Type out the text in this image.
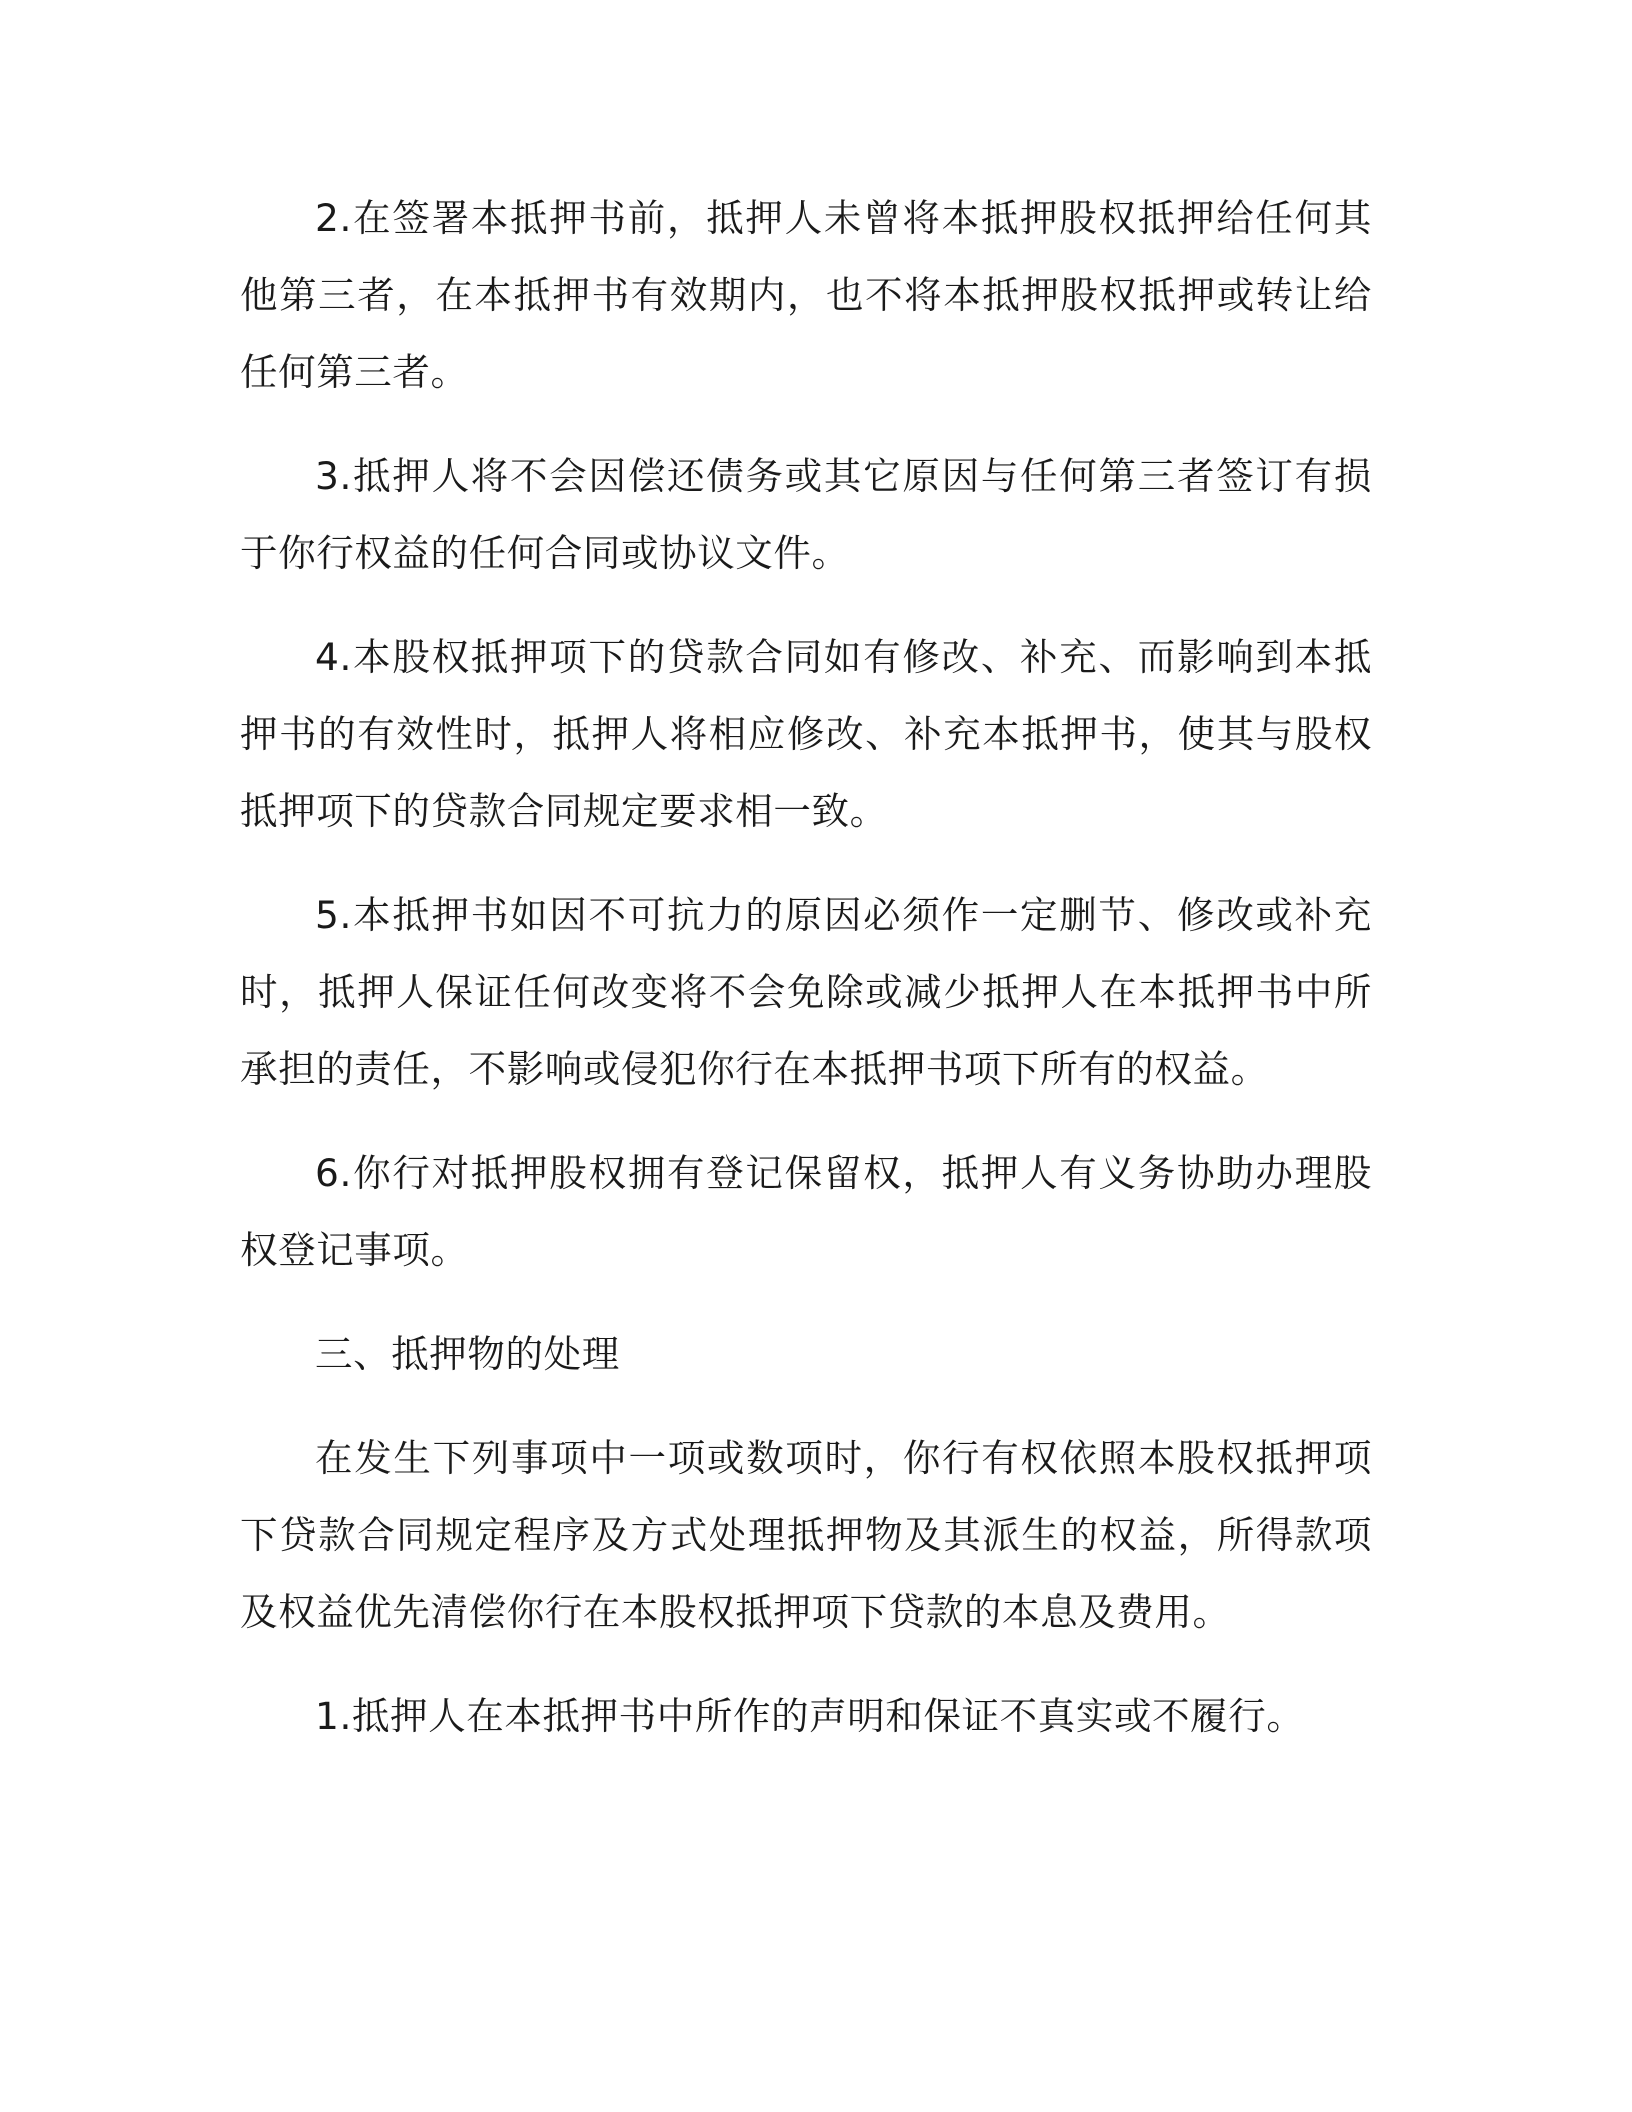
2.在签署本抵押书前，抵押人未曾将本抵押股权抵押给任何其他第三者，在本抵押书有效期内，也不将本抵押股权抵押或转让给任何第三者。

3.抵押人将不会因偿还债务或其它原因与任何第三者签订有损于你行权益的任何合同或协议文件。

4.本股权抵押项下的贷款合同如有修改、补充、而影响到本抵押书的有效性时，抵押人将相应修改、补充本抵押书，使其与股权抵押项下的贷款合同规定要求相一致。

5.本抵押书如因不可抗力的原因必须作一定删节、修改或补充时，抵押人保证任何改变将不会免除或减少抵押人在本抵押书中所承担的责任，不影响或侵犯你行在本抵押书项下所有的权益。

6.你行对抵押股权拥有登记保留权，抵押人有义务协助办理股权登记事项。

三、抵押物的处理

在发生下列事项中一项或数项时，你行有权依照本股权抵押项下贷款合同规定程序及方式处理抵押物及其派生的权益，所得款项及权益优先清偿你行在本股权抵押项下贷款的本息及费用。

1.抵押人在本抵押书中所作的声明和保证不真实或不履行。
